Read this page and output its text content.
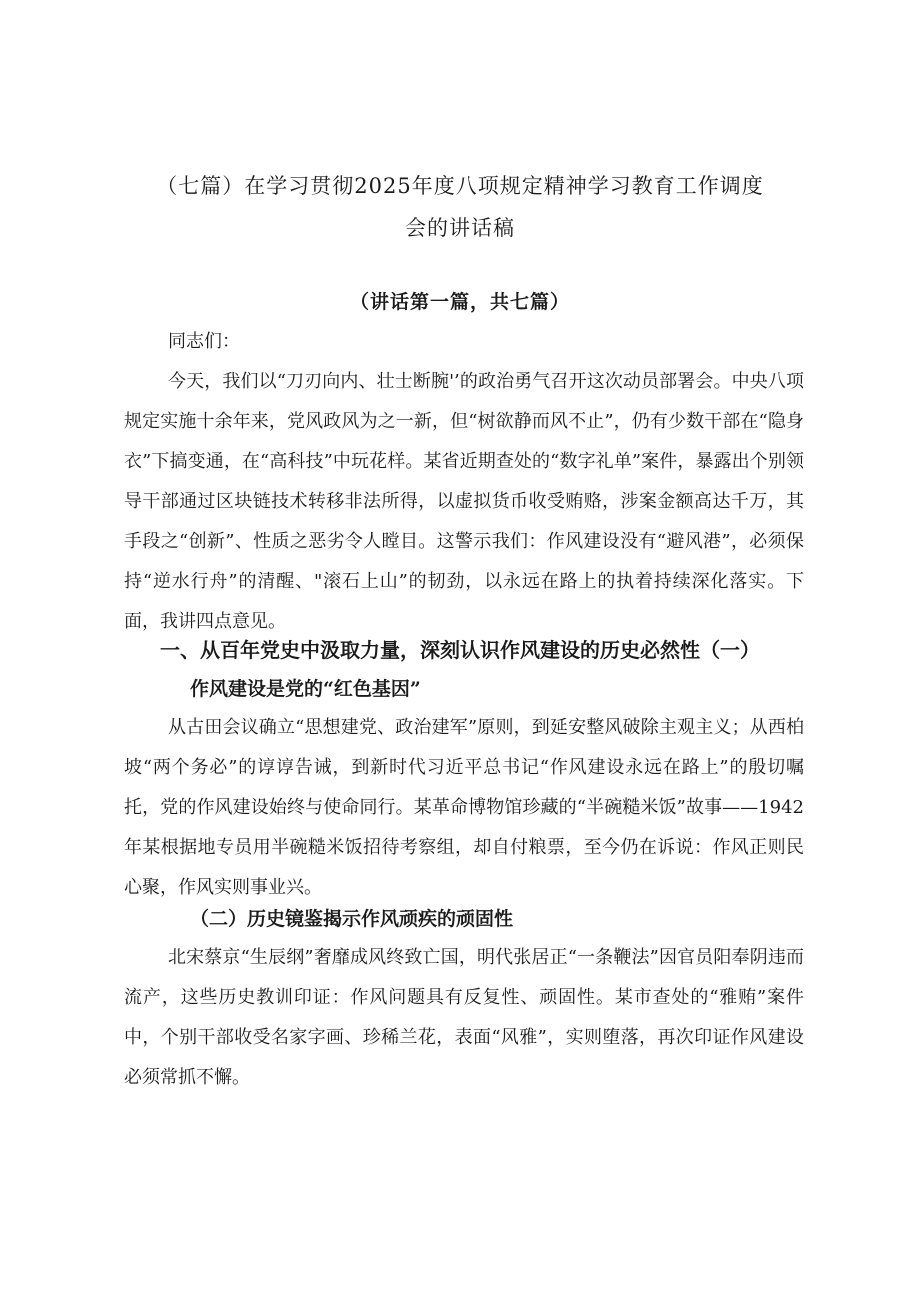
（七篇）在学习贯彻2025年度八项规定精神学习教育工作调度
会的讲话稿
（讲话第一篇，共七篇）
同志们：

今天，我们以“刀刃向内、壮士断腕'’的政治勇气召开这次动员部署会。中央八项规定实施十余年来，党风政风为之一新，但“树欲静而风不止”，仍有少数干部在“隐身衣”下搞变通，在“高科技”中玩花样。某省近期查处的“数字礼单”案件，暴露出个别领导干部通过区块链技术转移非法所得，以虚拟货币收受贿赂，涉案金额高达千万，其手段之“创新”、性质之恶劣令人瞠目。这警示我们：作风建设没有“避风港”，必须保持“逆水行舟”的清醒、"滚石上山”的韧劲，以永远在路上的执着持续深化落实。下面，我讲四点意见。

一、从百年党史中汲取力量，深刻认识作风建设的历史必然性（一）
作风建设是党的“红色基因”

从古田会议确立“思想建党、政治建军”原则，到延安整风破除主观主义；从西柏坡“两个务必”的谆谆告诫，到新时代习近平总书记“作风建设永远在路上”的殷切嘱托，党的作风建设始终与使命同行。某革命博物馆珍藏的“半碗糙米饭”故事——1942年某根据地专员用半碗糙米饭招待考察组，却自付粮票，至今仍在诉说：作风正则民心聚，作风实则事业兴。

（二）历史镜鉴揭示作风顽疾的顽固性

北宋蔡京“生辰纲”奢靡成风终致亡国，明代张居正“一条鞭法”因官员阳奉阴违而流产，这些历史教训印证：作风问题具有反复性、顽固性。某市查处的“雅贿”案件中，个别干部收受名家字画、珍稀兰花，表面“风雅”，实则堕落，再次印证作风建设必须常抓不懈。
